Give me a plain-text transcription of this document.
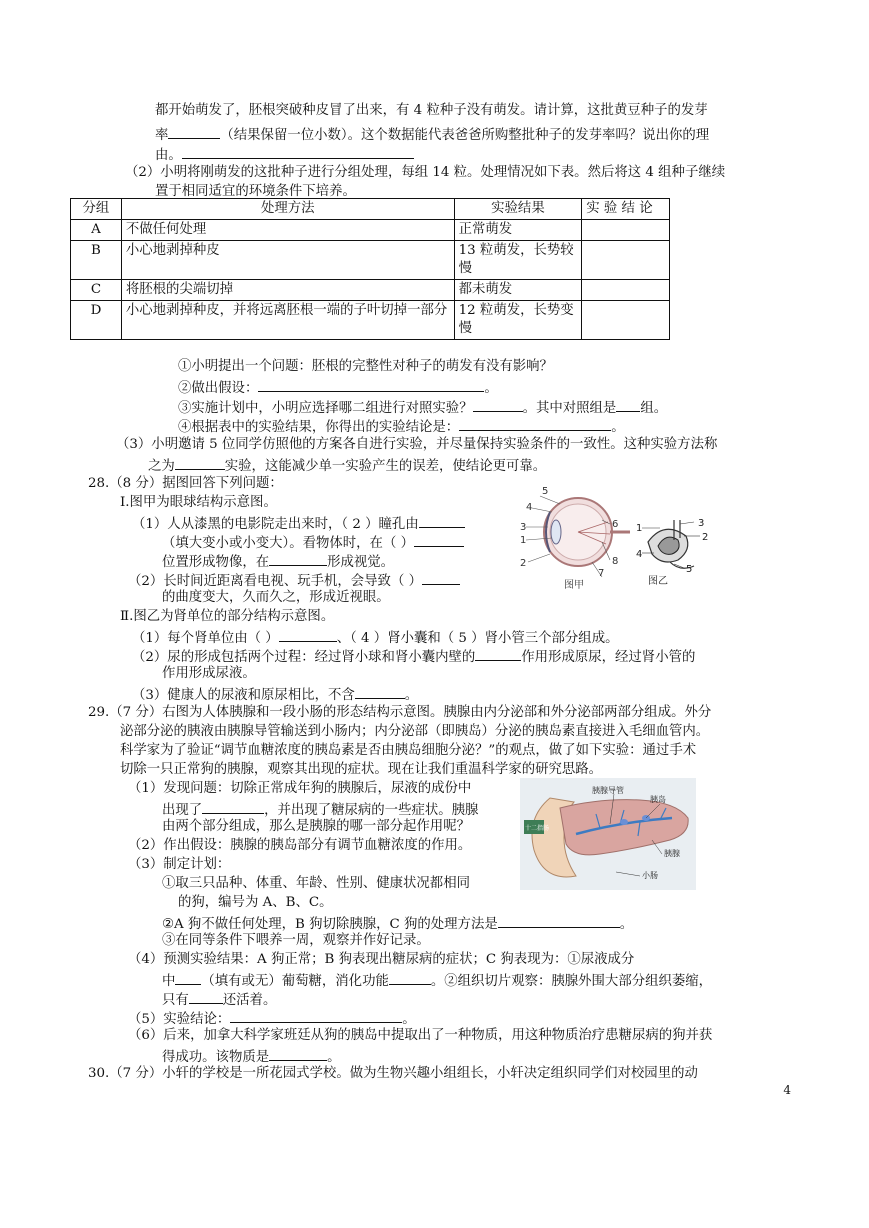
都开始萌发了，胚根突破种皮冒了出来，有 4 粒种子没有萌发。请计算，这批黄豆种子的发芽
率	（结果保留一位小数）。这个数据能代表爸爸所购整批种子的发芽率吗？说出你的理
由。
（2）小明将刚萌发的这批种子进行分组处理，每组 14 粒。处理情况如下表。然后将这 4 组种子继续
置于相同适宜的环境条件下培养。
分组	处理方法	实验结果	实 验 结 论
A	不做任何处理	正常萌发	
B	小心地剥掉种皮	13 粒萌发，长势较慢	
C	将胚根的尖端切掉	都未萌发	
D	小心地剥掉种皮，并将远离胚根一端的子叶切掉一部分	12 粒萌发，长势变慢	
①小明提出一个问题：胚根的完整性对种子的萌发有没有影响？
②做出假设：	。
③实施计划中，小明应选择哪二组进行对照实验？	。其中对照组是 组。
④根据表中的实验结果，你得出的实验结论是：	。
（3）小明邀请 5 位同学仿照他的方案各自进行实验，并尽量保持实验条件的一致性。这种实验方法称
之为	实验，这能减少单一实验产生的误差，使结论更可靠。
28.（8 分）据图回答下列问题：
Ⅰ.图甲为眼球结构示意图。
（1）人从漆黑的电影院走出来时，（ 2 ）瞳孔由
（填大变小或小变大）。看物体时，在（ ）
位置形成物像，在	形成视觉。
（2）长时间近距离看电视、玩手机，会导致（ ）
的曲度变大，久而久之，形成近视眼。
Ⅱ.图乙为肾单位的部分结构示意图。
（1）每个肾单位由（ ）	、（ 4 ）肾小囊和（ 5 ）肾小管三个部分组成。
（2）尿的形成包括两个过程：经过肾小球和肾小囊内壁的	作用形成原尿，经过肾小管的
作用形成尿液。
（3）健康人的尿液和原尿相比，不含	。
5
4
3
1
2
6
8
7
图甲
1	3
2
4
5
图乙
29.（7 分）右图为人体胰腺和一段小肠的形态结构示意图。胰腺由内分泌部和外分泌部两部分组成。外分
泌部分泌的胰液由胰腺导管输送到小肠内；内分泌部（即胰岛）分泌的胰岛素直接进入毛细血管内。
科学家为了验证“调节血糖浓度的胰岛素是否由胰岛细胞分泌？”的观点，做了如下实验：通过手术
切除一只正常狗的胰腺，观察其出现的症状。现在让我们重温科学家的研究思路。
（1）发现问题：切除正常成年狗的胰腺后，尿液的成份中
出现了	，并出现了糖尿病的一些症状。胰腺
由两个部分组成，那么是胰腺的哪一部分起作用呢？
（2）作出假设：胰腺的胰岛部分有调节血糖浓度的作用。
（3）制定计划：
①取三只品种、体重、年龄、性别、健康状况都相同
的狗，编号为 A、B、C。
②A 狗不做任何处理，B 狗切除胰腺，C 狗的处理方法是	。
③在同等条件下喂养一周，观察并作好记录。
（4）预测实验结果：A 狗正常；B 狗表现出糖尿病的症状；C 狗表现为：①尿液成分
中 （填有或无）葡萄糖，消化功能	。②组织切片观察：胰腺外围大部分组织萎缩，
只有	还活着。
（5）实验结论：	。
（6）后来，加拿大科学家班廷从狗的胰岛中提取出了一种物质，用这种物质治疗患糖尿病的狗并获
得成功。该物质是	。
胰腺导管
胰岛
胰腺
小肠
十二指肠
30.（7 分）小轩的学校是一所花园式学校。做为生物兴趣小组组长，小轩决定组织同学们对校园里的动
4
